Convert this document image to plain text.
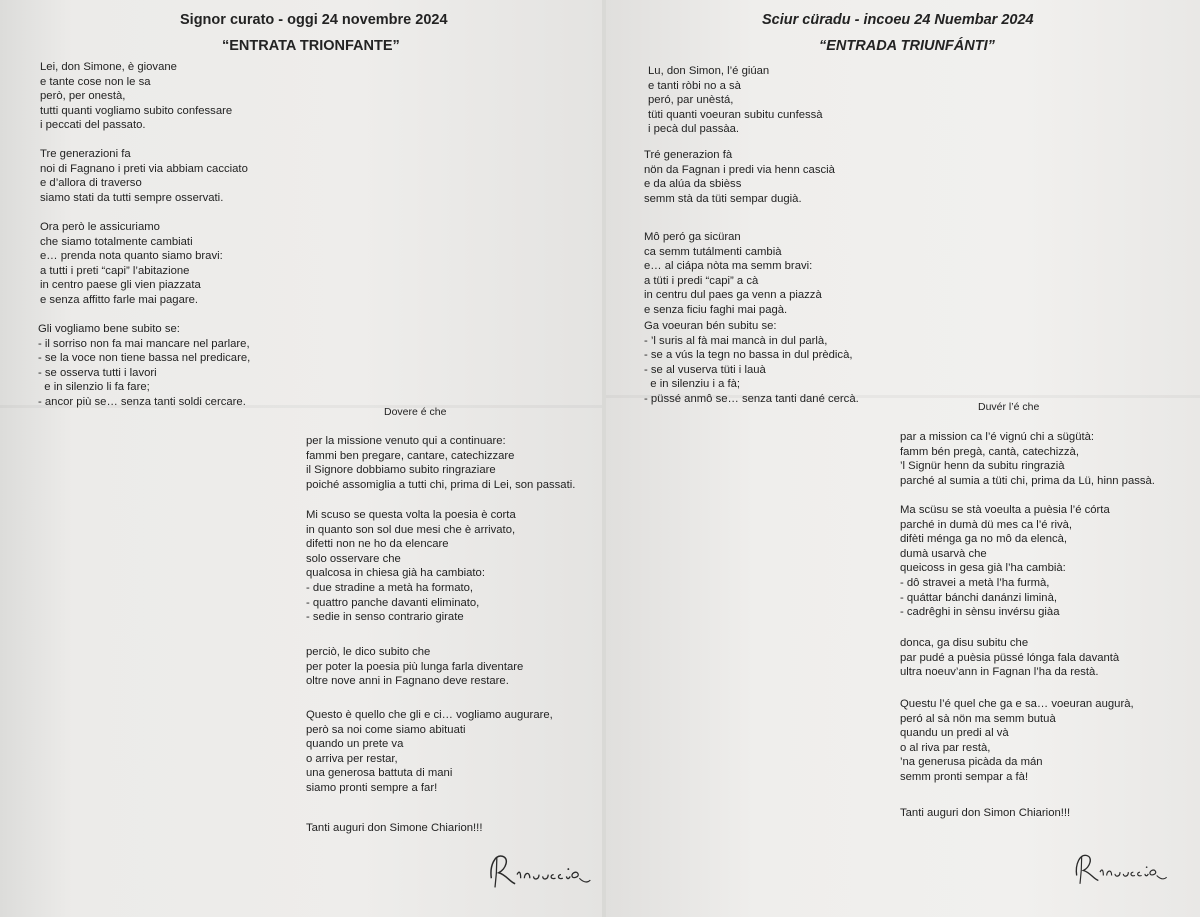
Signor curato - oggi 24 novembre 2024
“ENTRATA TRIONFANTE”
Lei, don Simone, è giovane
e tante cose non le sa
però, per onestà,
tutti quanti vogliamo subito confessare
i peccati del passato.
Tre generazioni fa
noi di Fagnano i preti via abbiam cacciato
e d’allora di traverso
siamo stati da tutti sempre osservati.
Ora però le assicuriamo
che siamo totalmente cambiati
e… prenda nota quanto siamo bravi:
a tutti i preti “capi” l’abitazione
in centro paese gli vien piazzata
e senza affitto farle mai pagare.
Gli vogliamo bene subito se:
- il sorriso non fa mai mancare nel parlare,
- se la voce non tiene bassa nel predicare,
- se osserva tutti i lavori
e in silenzio li fa fare;
- ancor più se… senza tanti soldi cercare.
per la missione venuto qui a continuare:
fammi ben pregare, cantare, catechizzare
il Signore dobbiamo subito ringraziare
poiché assomiglia a tutti chi, prima di Lei, son passati.
Mi scuso se questa volta la poesia è corta
in quanto son sol due mesi che è arrivato,
difetti non ne ho da elencare
solo osservare che
qualcosa in chiesa già ha cambiato:
- due stradine a metà ha formato,
- quattro panche davanti eliminato,
- sedie in senso contrario girate
perciò, le dico subito che
per poter la poesia più lunga farla diventare
oltre nove anni in Fagnano deve restare.
Questo è quello che gli e ci… vogliamo augurare,
però sa noi come siamo abituati
quando un prete va
o arriva per restar,
una generosa battuta di mani
siamo pronti sempre a far!
Tanti auguri don Simone Chiarion!!!
Dovere é che
Sciur cüradu - incoeu 24 Nuembar 2024
“ENTRADA TRIUNFÁNTI”
Lu, don Simon, l’é giúan
e tanti ròbi no a sà
peró, par unèstá,
tüti quanti voeuran subitu cunfessà
i pecà dul passàa.
Tré generazion fà
nön da Fagnan i predi via henn cascià
e da alúa da sbièss
semm stà da tüti sempar dugià.
Mô peró ga sicüran
ca semm tutálmenti cambià
e… al ciápa nòta ma semm bravi:
a tüti i predi “capi” a cà
in centru dul paes ga venn a piazzà
e senza ficiu faghi mai pagà.
Ga voeuran bén subitu se:
- ’l suris al fà mai mancà in dul parlà,
- se a vús la tegn no bassa in dul prèdicà,
- se al vuserva tüti i lauà
e in silenziu i a fà;
- püssé anmô se… senza tanti dané cercà.
par a mission ca l’é vignú chi a sügütà:
famm bén pregà, cantà, catechizzà,
’l Signür henn da subitu ringrazià
parché al sumia a tüti chi, prima da Lü, hinn passà.
Ma scüsu se stà voeulta a puèsia l’é córta
parché in dumà dü mes ca l’é rivà,
difèti ménga ga no mô da elencà,
dumà usarvà che
queicoss in gesa già l’ha cambià:
- dô stravei a metà l’ha furmà,
- quáttar bánchi danánzi liminà,
- cadrêghi in sènsu invérsu giàa
donca, ga disu subitu che
par pudé a puèsia püssé lónga fala davantà
ultra noeuv’ann in Fagnan l’ha da restà.
Questu l’é quel che ga e sa… voeuran augurà,
peró al sà nön ma semm butuà
quandu un predi al và
o al riva par restà,
’na generusa picàda da mán
semm pronti sempar a fà!
Tanti auguri don Simon Chiarion!!!
Duvér l’é che
